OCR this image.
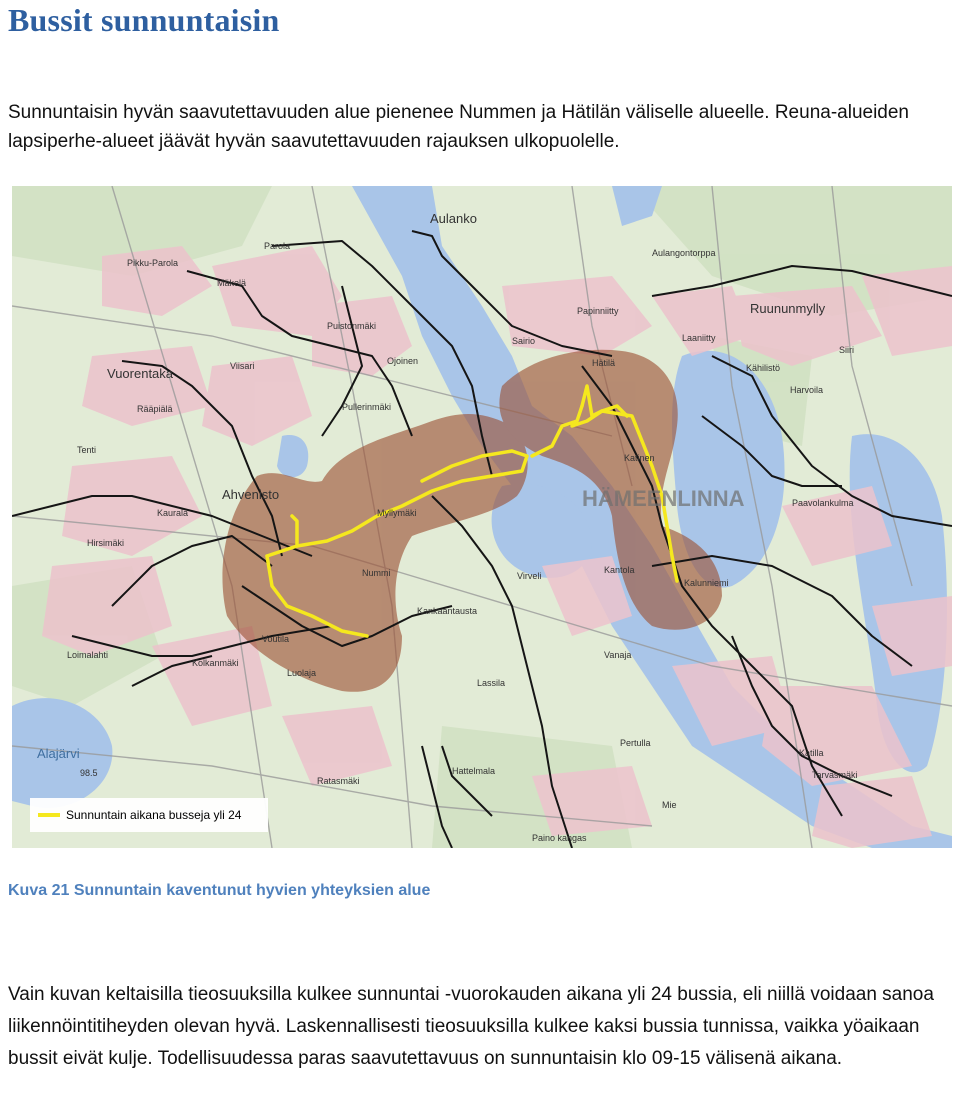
Bussit sunnuntaisin

Sunnuntaisin hyvän saavutettavuuden alue pienenee Nummen ja Hätilän väliselle alueelle. Reuna-alueiden lapsiperhe-alueet jäävät hyvän saavutettavuuden rajauksen ulkopuolelle.

Aulanko
Aulangontorppa
Papinniitty	Ruununmylly
Parola
Pikku-Parola
Mäkelä
Puistonmäki
Ojoinen
Sairio
Hätilä
Laaniitty
Kähilistö
Harvoila
Siiri
Vuorentaka	Viisari
Pullerinmäki
Rääpiälä
Tenti
Ahvenisto
Myllymäki
Kaurala
Hirsimäki
Katinen
Paavolankulma
HÄMEENLINNA
Nummi	Kantola
Kalunniemi
Kankaantausta
Virveli
Voutila
Luolaja
Loimalahti
Kolkanmäki
Lassila
Vanaja
Alajärvi
98.5
Ratasmäki
Hattelmala
Pertulla
Katilla
Tarvasmäki
Mie
Paino kangas
Sunnuntain aikana busseja yli 24

Kuva 21 Sunnuntain kaventunut hyvien yhteyksien alue

Vain kuvan keltaisilla tieosuuksilla kulkee sunnuntai -vuorokauden aikana yli 24 bussia, eli niillä voidaan sanoa liikennöintitiheyden olevan hyvä. Laskennallisesti tieosuuksilla kulkee kaksi bussia tunnissa, vaikka yöaikaan bussit eivät kulje. Todellisuudessa paras saavutettavuus on sunnuntaisin klo 09-15 välisenä aikana.
